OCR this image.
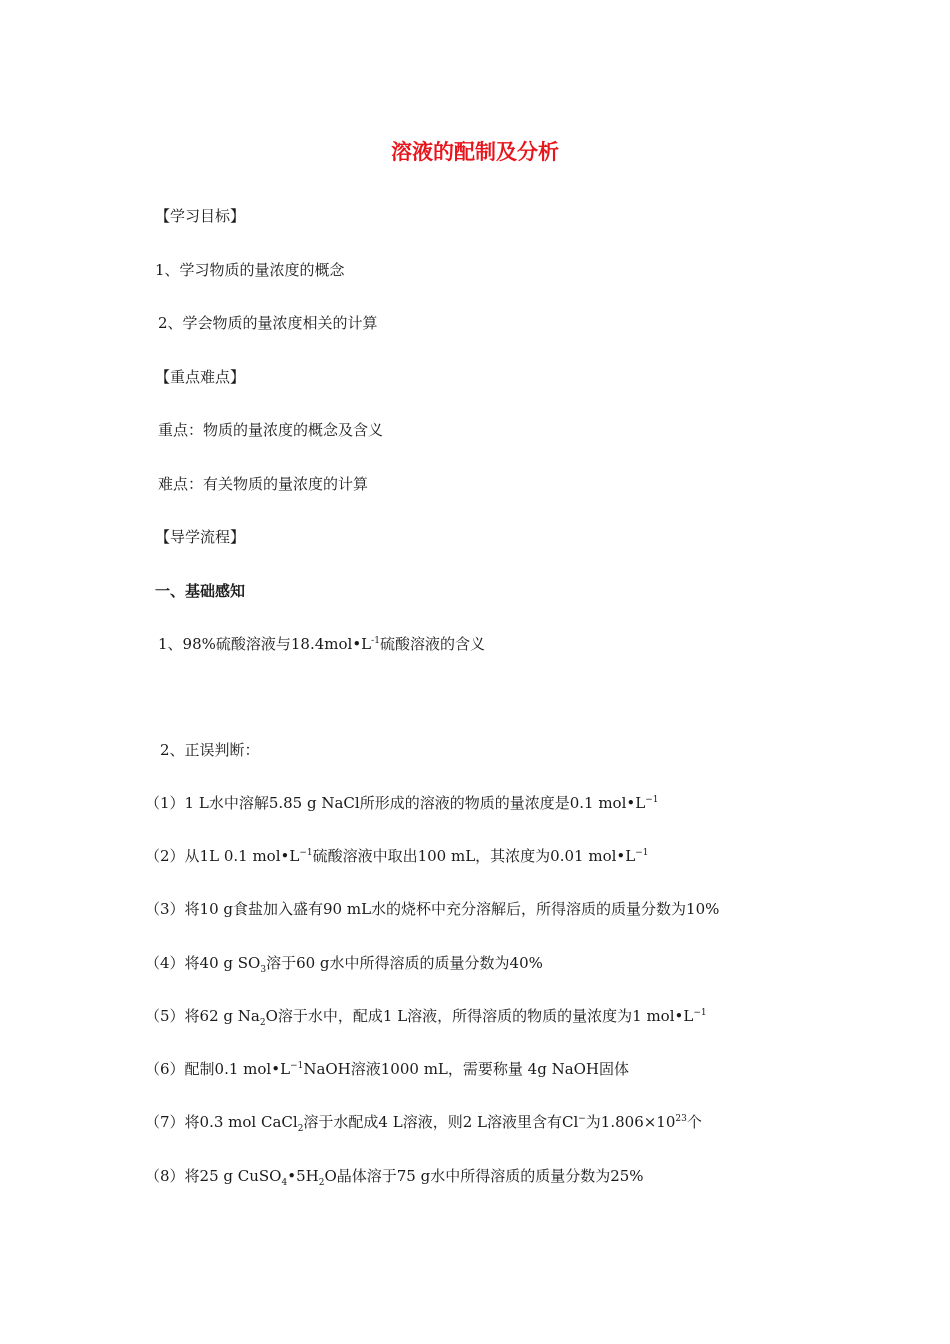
溶液的配制及分析
【学习目标】
1、学习物质的量浓度的概念
2、学会物质的量浓度相关的计算
【重点难点】
重点：物质的量浓度的概念及含义
难点：有关物质的量浓度的计算
【导学流程】
一、基础感知
1、98%硫酸溶液与$18.4mol•L^{-1}$硫酸溶液的含义
2、正误判断：
（1）1 L水中溶解5.85 g NaCl所形成的溶液的物质的量浓度是0.1 $mol•L^{-1}$
（2）从1L 0.1 $mol•L^{-1}$硫酸溶液中取出100 mL，其浓度为0.01 $mol•L^{-1}$
（3）将10 g食盐加入盛有90 mL水的烧杯中充分溶解后，所得溶质的质量分数为10%
（4）将40 g $SO_3$溶于60 g水中所得溶质的质量分数为40%
（5）将62 g $Na_2O$溶于水中，配成1 L溶液，所得溶质的物质的量浓度为1 $mol•L^{-1}$
（6）配制0.1 $mol•L^{-1}NaOH$溶液1000 mL，需要称量 4g NaOH固体
（7）将0.3 mol CaCl$_2$溶于水配成4 L溶液，则2 L溶液里含有Cl−为$1.806\times 10^{23}$个
（8）将25 g $CuSO_4•5H_2O$晶体溶于75 g水中所得溶质的质量分数为25%
